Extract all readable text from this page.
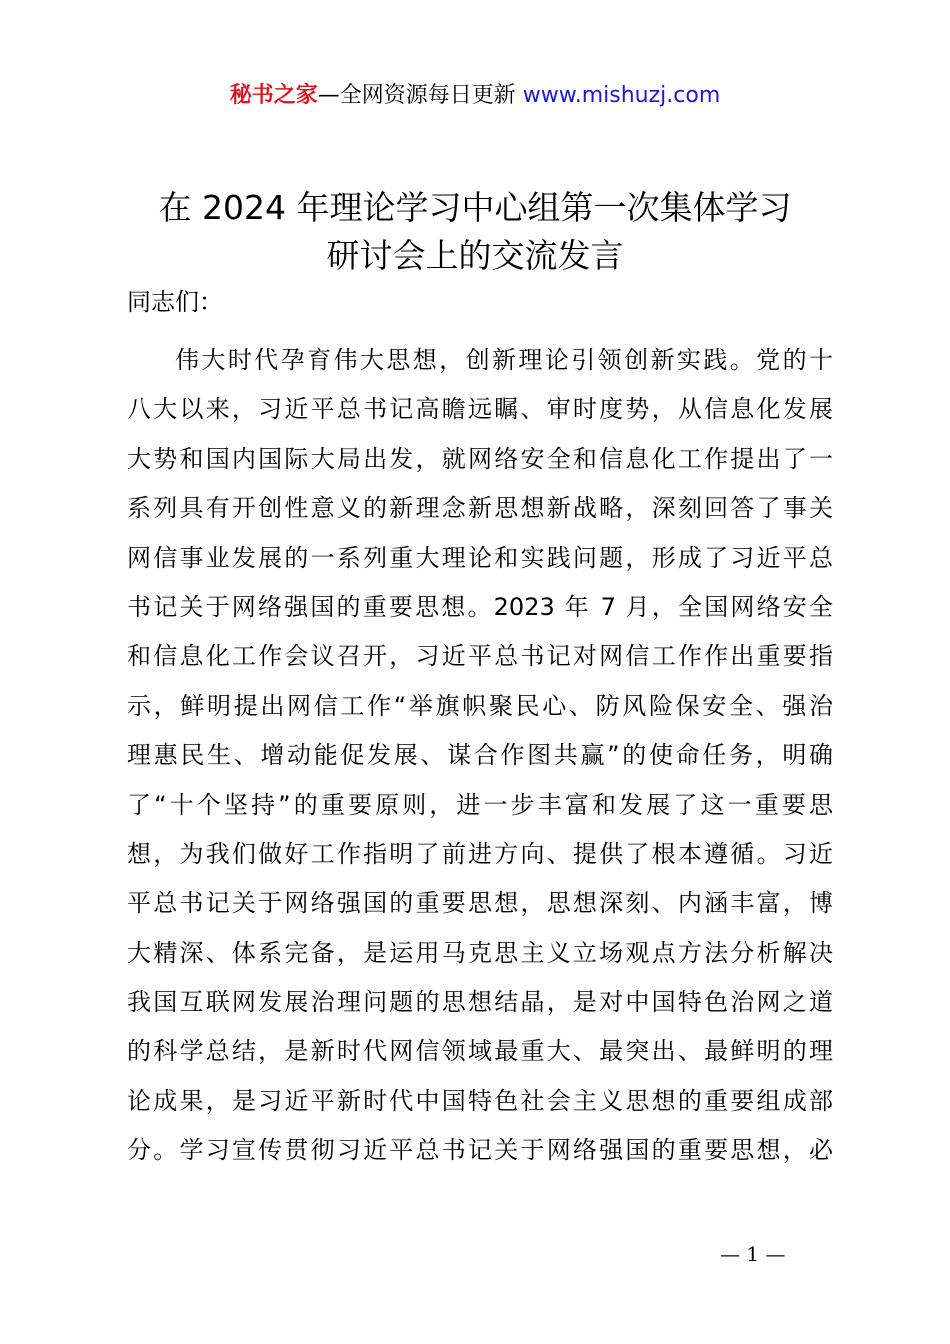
秘书之家—全网资源每日更新 www.mishuzj.com
在 2024 年理论学习中心组第一次集体学习
研讨会上的交流发言
同志们：
伟大时代孕育伟大思想，创新理论引领创新实践。党的十
八大以来，习近平总书记高瞻远瞩、审时度势，从信息化发展
大势和国内国际大局出发，就网络安全和信息化工作提出了一
系列具有开创性意义的新理念新思想新战略，深刻回答了事关
网信事业发展的一系列重大理论和实践问题，形成了习近平总
书记关于网络强国的重要思想。2023 年 7 月，全国网络安全
和信息化工作会议召开，习近平总书记对网信工作作出重要指
示，鲜明提出网信工作“举旗帜聚民心、防风险保安全、强治
理惠民生、增动能促发展、谋合作图共赢”的使命任务，明确
了“十个坚持”的重要原则，进一步丰富和发展了这一重要思
想，为我们做好工作指明了前进方向、提供了根本遵循。习近
平总书记关于网络强国的重要思想，思想深刻、内涵丰富，博
大精深、体系完备，是运用马克思主义立场观点方法分析解决
我国互联网发展治理问题的思想结晶，是对中国特色治网之道
的科学总结，是新时代网信领域最重大、最突出、最鲜明的理
论成果，是习近平新时代中国特色社会主义思想的重要组成部
分。学习宣传贯彻习近平总书记关于网络强国的重要思想，必
— 1 —
